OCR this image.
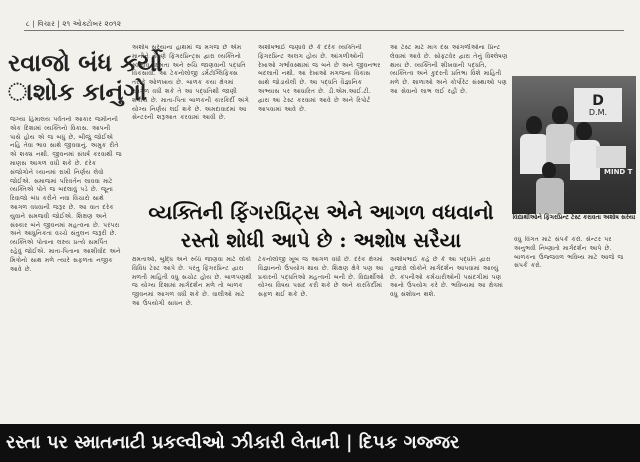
૮ | વિચાર | ૨૧ ઓક્ટોબર ૨૦૧૨
રવાજો બંધ કર્યો
ાશોક કાનુંગો
જગ્યા હિમાલય પર્વતનો આકાર જમીનની એક દિશામાં વ્યક્તિનો વિકાસ. આપની પાસે હોય એ જ બધું છે, બીજું જોઈએ નહિ તેવા ભાવ સાથે જીવવાનું. અમુક રીતે એ શક્ય નથી. જીવનમાં સંઘર્ષ કરવાથી જ માણસ આગળ વધી શકે છે. દરેક સંજોગોને ધ્યાનમાં રાખી નિર્ણય લેવો જોઈએ. સમાજમાં પરિવર્તન લાવવા માટે વ્યક્તિએ પોતે જ બદલાવું પડે છે. જૂના રિવાજો બંધ કરીને નવા વિચારો સાથે આગળ વધવાની જરૂર છે. આ વાત દરેક યુવાને સમજવી જોઈએ. શિક્ષણ અને સંસ્કાર બંને જીવનમાં મહત્વના છે. પરંપરા અને આધુનિકતા વચ્ચે સંતુલન જરૂરી છે. વ્યક્તિએ પોતાના લક્ષ્ય પ્રત્યે સમર્પિત રહેવું જોઈએ. માતા-પિતાના આશીર્વાદ અને મિત્રોનો સાથ મળે ત્યારે સફળતા નજીક આવે છે.
અશોષ સરૈયાના હાથમાં જ મગજ છે એમ માનીને તેમણે ફિંગરપ્રિન્ટ્સ દ્વારા વ્યક્તિનો સ્વભાવ, ક્ષમતા અને રુચિ જાણવાની પદ્ધતિ વિકસાવી. આ ટેકનોલોજી ડર્મેટોગ્લિફિક્સ તરીકે ઓળખાય છે. બાળક કયા ક્ષેત્રમાં આગળ વધી શકે તે આ પદ્ધતિથી જાણી શકાય છે. માતા-પિતા બાળકની કારકિર્દી અંગે યોગ્ય નિર્ણય લઈ શકે છે. અમદાવાદમાં આ સેન્ટરની શરૂઆત કરવામાં આવી છે.
અશોષભાઈ જણાવે છે કે દરેક વ્યક્તિની ફિંગરપ્રિન્ટ અલગ હોય છે. આંગળીઓની રેખાઓ ગર્ભાવસ્થામાં જ બને છે અને જીવનભર બદલાતી નથી. આ રેખાઓ મગજના વિકાસ સાથે જોડાયેલી છે. આ પદ્ધતિ વૈજ્ઞાનિક અભ્યાસ પર આધારિત છે. ડી.એમ.આઈ.ટી. દ્વારા આ ટેસ્ટ કરવામાં આવે છે અને રિપોર્ટ આપવામાં આવે છે.
આ ટેસ્ટ માટે માત્ર દસ આંગળીઓના પ્રિન્ટ લેવામાં આવે છે. સોફ્ટવેર દ્વારા તેનું વિશ્લેષણ થાય છે. વ્યક્તિની શીખવાની પદ્ધતિ, વ્યક્તિત્વ અને કુદરતી પ્રતિભા વિશે માહિતી મળે છે. શાળાઓ અને કોર્પોરેટ સંસ્થાઓ પણ આ સેવાનો લાભ લઈ રહી છે.
વ્યક્તિની ફિંગરપ્રિંટ્સ એને આગળ વધવાનો
રસ્તો શોધી આપે છે : અશોષ સરૈયા
ક્ષમતાઓ, બુદ્ધિ અને રુચિ જાણવા માટે લોકો વિવિધ ટેસ્ટ આપે છે. પરંતુ ફિંગરપ્રિન્ટ દ્વારા મળતી માહિતી વધુ સચોટ હોય છે. બાળપણથી જ યોગ્ય દિશામાં માર્ગદર્શન મળે તો બાળક જીવનમાં આગળ વધી શકે છે. વાલીઓ માટે આ ઉપયોગી સાધન છે.
ટેકનોલોજી ખૂબ જ આગળ વધી છે. દરેક ક્ષેત્રમાં વિજ્ઞાનનો ઉપયોગ થાય છે. શિક્ષણ ક્ષેત્રે પણ આ પ્રકારની પદ્ધતિઓ મહત્વની બની છે. વિદ્યાર્થીઓ યોગ્ય વિષય પસંદ કરી શકે છે અને કારકિર્દીમાં સફળ થઈ શકે છે.
અશોષભાઈ કહે છે કે આ પદ્ધતિ દ્વારા હજારો લોકોને માર્ગદર્શન આપવામાં આવ્યું છે. કંપનીઓ કર્મચારીઓની પસંદગીમાં પણ આનો ઉપયોગ કરે છે. ભવિષ્યમાં આ ક્ષેત્રમાં વધુ સંશોધન થશે.
વધુ વિગત માટે સંપર્ક કરો. સેન્ટર પર અનુભવી નિષ્ણાતો માર્ગદર્શન આપે છે. બાળકના ઉજ્જવળ ભવિષ્ય માટે આજે જ સંપર્ક કરો.
D
D.M.
MIND T
વિદ્યાર્થીઓને ફિંગરપ્રિન્ટ ટેસ્ટ કરાવતા અશોષ સરૈયા
રસ્તા પર સ્માતનાટી પ્રકલ્વીઓ ઝીકારી લેતાની | દિપક ગજ્જર
